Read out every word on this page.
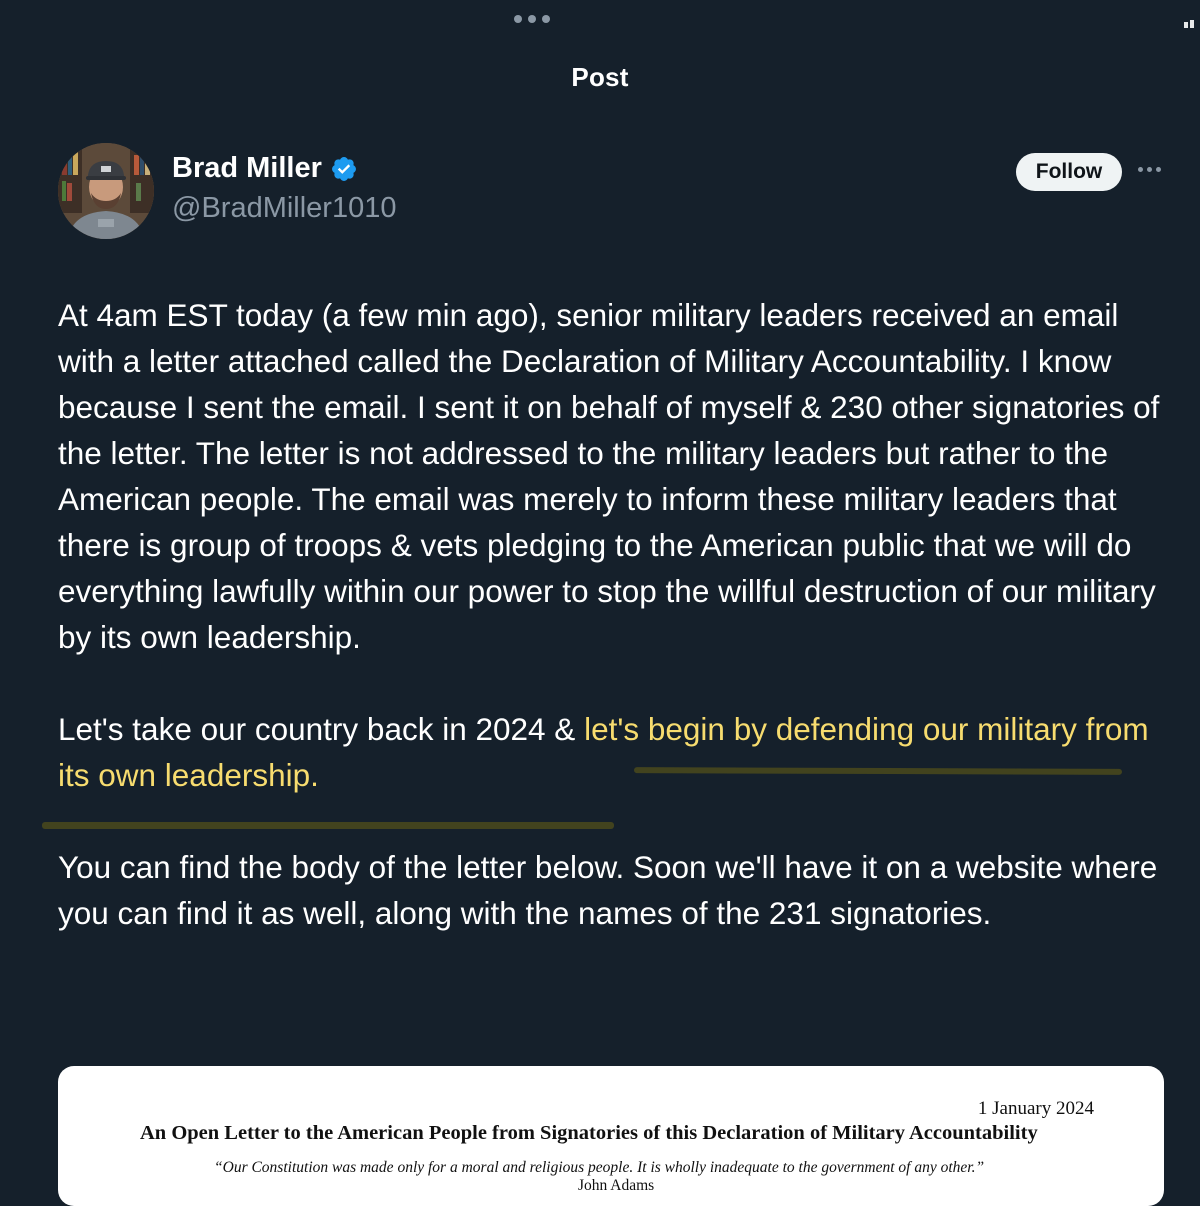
Post
Brad Miller
@BradMiller1010
Follow

At 4am EST today (a few min ago), senior military leaders received an email with a letter attached called the Declaration of Military Accountability. I know because I sent the email. I sent it on behalf of myself & 230 other signatories of the letter. The letter is not addressed to the military leaders but rather to the American people. The email was merely to inform these military leaders that there is group of troops & vets pledging to the American public that we will do everything lawfully within our power to stop the willful destruction of our military by its own leadership.

Let's take our country back in 2024 & let's begin by defending our military from its own leadership.

You can find the body of the letter below. Soon we'll have it on a website where you can find it as well, along with the names of the 231 signatories.

1 January 2024
An Open Letter to the American People from Signatories of this Declaration of Military Accountability
“Our Constitution was made only for a moral and religious people. It is wholly inadequate to the government of any other.”
John Adams
